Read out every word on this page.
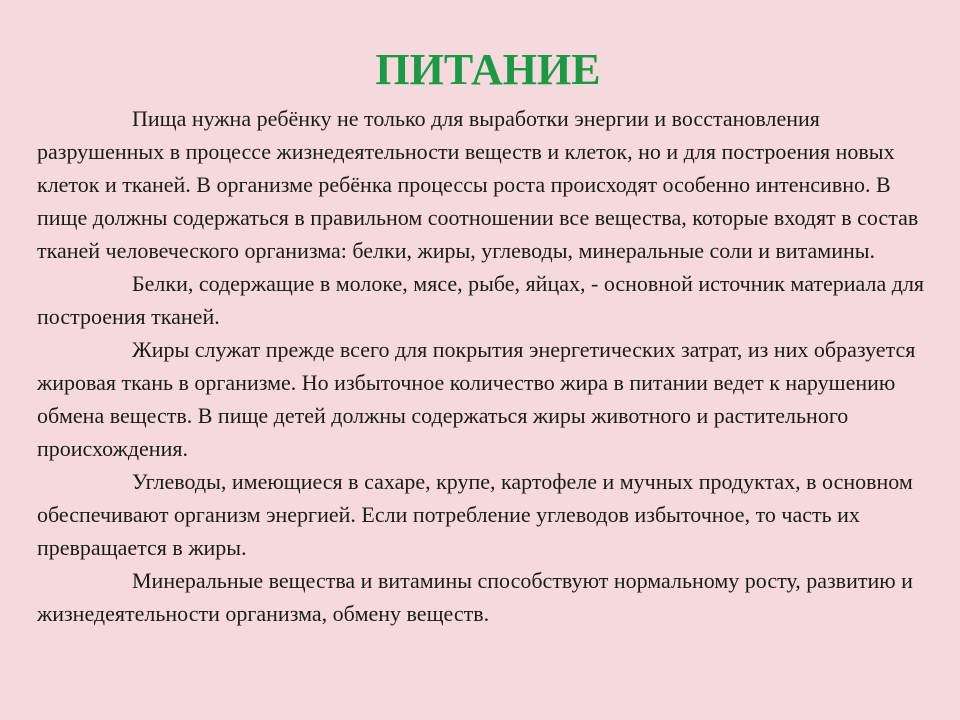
ПИТАНИЕ

Пища нужна ребёнку не только для выработки энергии и восстановления разрушенных в процессе жизнедеятельности веществ и клеток, но и для построения новых клеток и тканей. В организме ребёнка процессы роста происходят особенно интенсивно. В пище должны содержаться в правильном соотношении все вещества, которые входят в состав тканей человеческого организма: белки, жиры, углеводы, минеральные соли и витамины.

Белки, содержащие в молоке, мясе, рыбе, яйцах, - основной источник материала для построения тканей.

Жиры служат прежде всего для покрытия энергетических затрат, из них образуется жировая ткань в организме. Но избыточное количество жира в питании ведет к нарушению обмена веществ. В пище детей должны содержаться жиры животного и растительного происхождения.

Углеводы, имеющиеся в сахаре, крупе, картофеле и мучных продуктах, в основном обеспечивают организм энергией. Если потребление углеводов избыточное, то часть их превращается в жиры.

Минеральные вещества и витамины способствуют нормальному росту, развитию и жизнедеятельности организма, обмену веществ.
